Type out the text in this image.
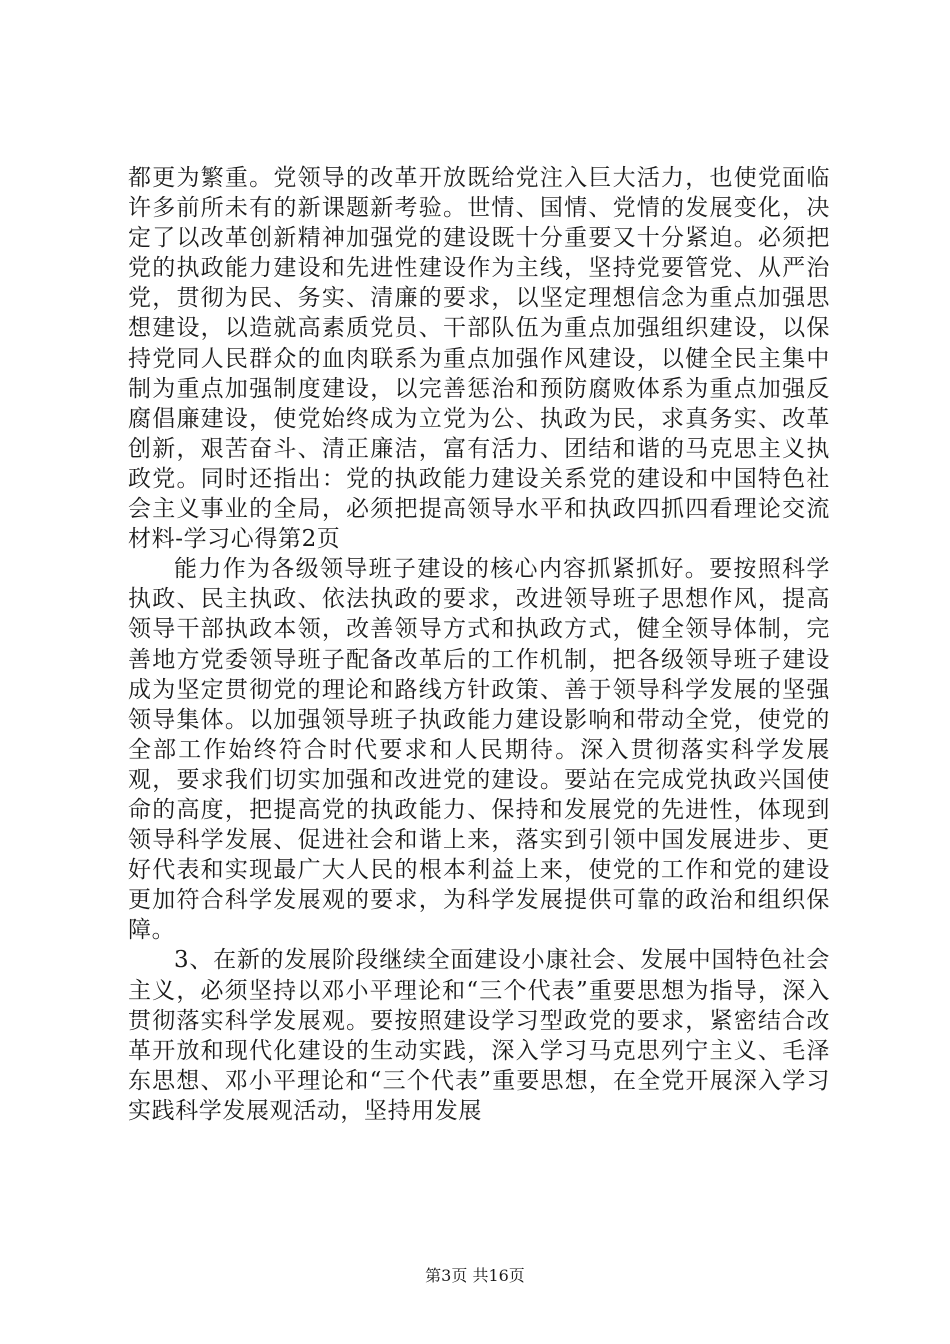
都更为繁重。党领导的改革开放既给党注入巨大活力，也使党面临许多前所未有的新课题新考验。世情、国情、党情的发展变化，决定了以改革创新精神加强党的建设既十分重要又十分紧迫。必须把党的执政能力建设和先进性建设作为主线，坚持党要管党、从严治党，贯彻为民、务实、清廉的要求，以坚定理想信念为重点加强思想建设，以造就高素质党员、干部队伍为重点加强组织建设，以保持党同人民群众的血肉联系为重点加强作风建设，以健全民主集中制为重点加强制度建设，以完善惩治和预防腐败体系为重点加强反腐倡廉建设，使党始终成为立党为公、执政为民，求真务实、改革创新，艰苦奋斗、清正廉洁，富有活力、团结和谐的马克思主义执政党。同时还指出：党的执政能力建设关系党的建设和中国特色社会主义事业的全局，必须把提高领导水平和执政四抓四看理论交流材料-学习心得第2页

能力作为各级领导班子建设的核心内容抓紧抓好。要按照科学执政、民主执政、依法执政的要求，改进领导班子思想作风，提高领导干部执政本领，改善领导方式和执政方式，健全领导体制，完善地方党委领导班子配备改革后的工作机制，把各级领导班子建设成为坚定贯彻党的理论和路线方针政策、善于领导科学发展的坚强领导集体。以加强领导班子执政能力建设影响和带动全党，使党的全部工作始终符合时代要求和人民期待。深入贯彻落实科学发展观，要求我们切实加强和改进党的建设。要站在完成党执政兴国使命的高度，把提高党的执政能力、保持和发展党的先进性，体现到领导科学发展、促进社会和谐上来，落实到引领中国发展进步、更好代表和实现最广大人民的根本利益上来，使党的工作和党的建设更加符合科学发展观的要求，为科学发展提供可靠的政治和组织保障。

3、在新的发展阶段继续全面建设小康社会、发展中国特色社会主义，必须坚持以邓小平理论和“三个代表”重要思想为指导，深入贯彻落实科学发展观。要按照建设学习型政党的要求，紧密结合改革开放和现代化建设的生动实践，深入学习马克思列宁主义、毛泽东思想、邓小平理论和“三个代表”重要思想，在全党开展深入学习实践科学发展观活动，坚持用发展

第3页 共16页
